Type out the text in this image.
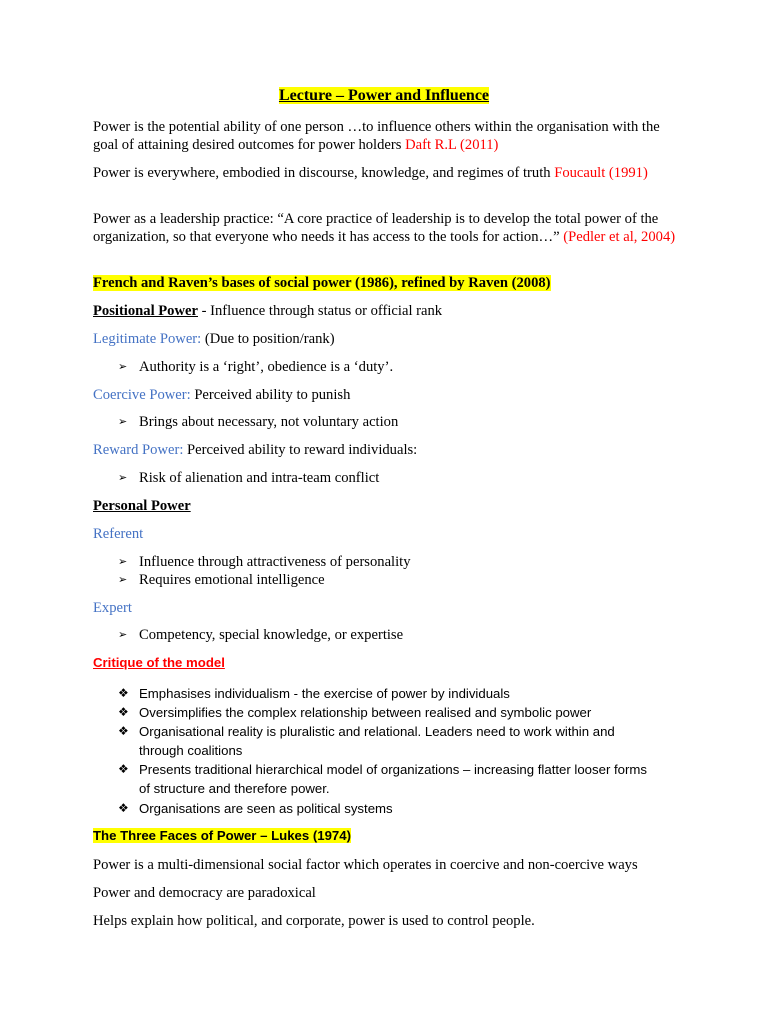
Lecture – Power and Influence
Power is the potential ability of one person …to influence others within the organisation with the goal of attaining desired outcomes for power holders Daft R.L (2011)
Power is everywhere, embodied in discourse, knowledge, and regimes of truth Foucault (1991)
Power as a leadership practice: “A core practice of leadership is to develop the total power of the organization, so that everyone who needs it has access to the tools for action…” (Pedler et al, 2004)
French and Raven’s bases of social power (1986), refined by Raven (2008)
Positional Power - Influence through status or official rank
Legitimate Power: (Due to position/rank)
➢ Authority is a ‘right’, obedience is a ‘duty’.
Coercive Power: Perceived ability to punish
➢ Brings about necessary, not voluntary action
Reward Power: Perceived ability to reward individuals:
➢ Risk of alienation and intra-team conflict
Personal Power
Referent
➢ Influence through attractiveness of personality
➢ Requires emotional intelligence
Expert
➢ Competency, special knowledge, or expertise
Critique of the model
❖ Emphasises individualism - the exercise of power by individuals
❖ Oversimplifies the complex relationship between realised and symbolic power
❖ Organisational reality is pluralistic and relational. Leaders need to work within and through coalitions
❖ Presents traditional hierarchical model of organizations – increasing flatter looser forms of structure and therefore power.
❖ Organisations are seen as political systems
The Three Faces of Power – Lukes (1974)
Power is a multi-dimensional social factor which operates in coercive and non-coercive ways
Power and democracy are paradoxical
Helps explain how political, and corporate, power is used to control people.
